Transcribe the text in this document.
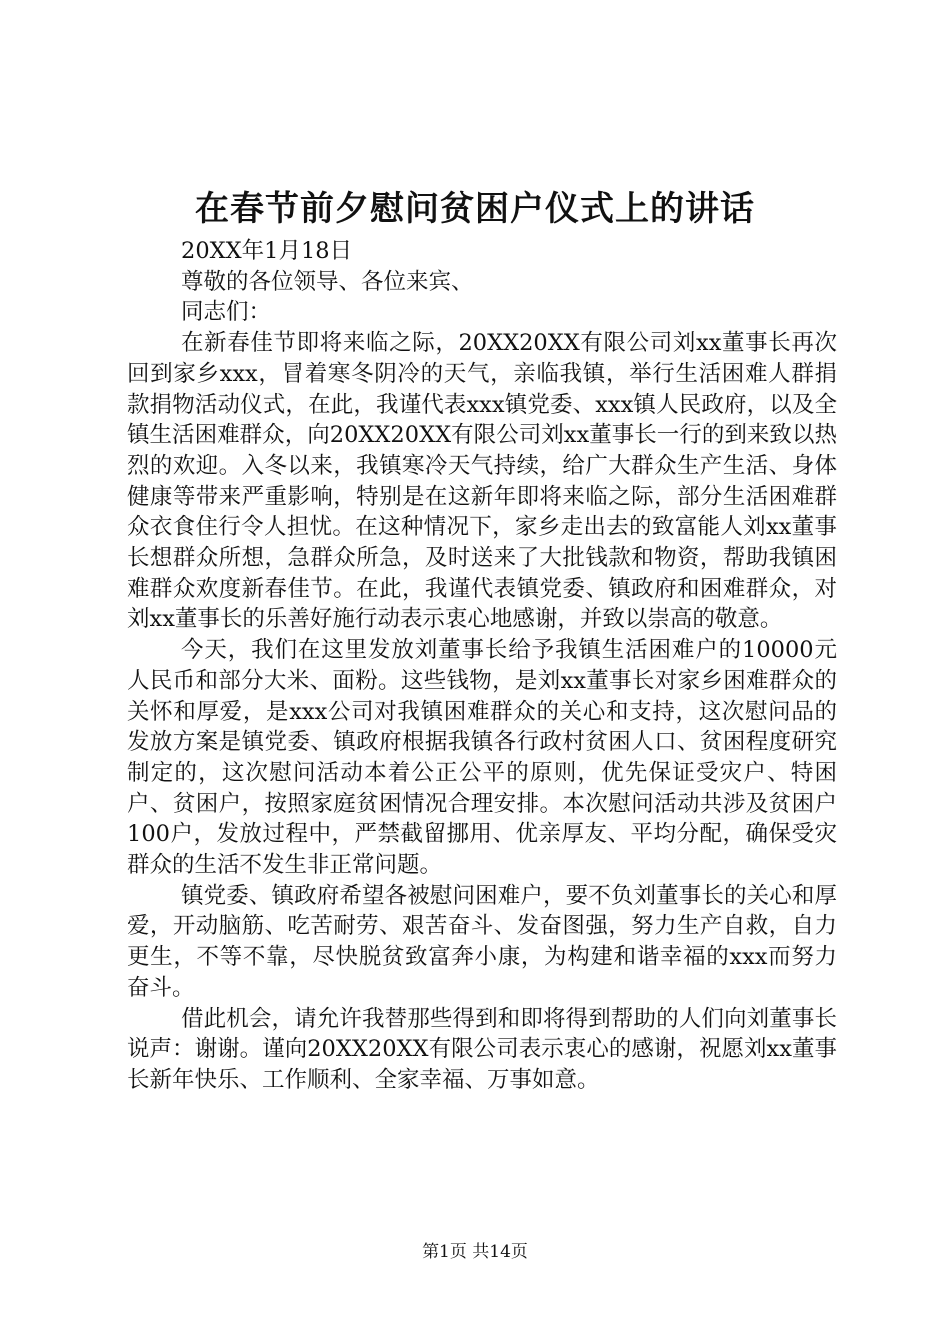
在春节前夕慰问贫困户仪式上的讲话

20XX年1月18日

尊敬的各位领导、各位来宾、

同志们：

在新春佳节即将来临之际，20XX20XX有限公司刘xx董事长再次回到家乡xxx，冒着寒冬阴冷的天气，亲临我镇，举行生活困难人群捐款捐物活动仪式，在此，我谨代表xxx镇党委、xxx镇人民政府，以及全镇生活困难群众，向20XX20XX有限公司刘xx董事长一行的到来致以热烈的欢迎。入冬以来，我镇寒冷天气持续，给广大群众生产生活、身体健康等带来严重影响，特别是在这新年即将来临之际，部分生活困难群众衣食住行令人担忧。在这种情况下，家乡走出去的致富能人刘xx董事长想群众所想，急群众所急，及时送来了大批钱款和物资，帮助我镇困难群众欢度新春佳节。在此，我谨代表镇党委、镇政府和困难群众，对刘xx董事长的乐善好施行动表示衷心地感谢，并致以崇高的敬意。

今天，我们在这里发放刘董事长给予我镇生活困难户的10000元人民币和部分大米、面粉。这些钱物，是刘xx董事长对家乡困难群众的关怀和厚爱，是xxx公司对我镇困难群众的关心和支持，这次慰问品的发放方案是镇党委、镇政府根据我镇各行政村贫困人口、贫困程度研究制定的，这次慰问活动本着公正公平的原则，优先保证受灾户、特困户、贫困户，按照家庭贫困情况合理安排。本次慰问活动共涉及贫困户100户，发放过程中，严禁截留挪用、优亲厚友、平均分配，确保受灾群众的生活不发生非正常问题。

镇党委、镇政府希望各被慰问困难户，要不负刘董事长的关心和厚爱，开动脑筋、吃苦耐劳、艰苦奋斗、发奋图强，努力生产自救，自力更生，不等不靠，尽快脱贫致富奔小康，为构建和谐幸福的xxx而努力奋斗。

借此机会，请允许我替那些得到和即将得到帮助的人们向刘董事长说声：谢谢。谨向20XX20XX有限公司表示衷心的感谢，祝愿刘xx董事长新年快乐、工作顺利、全家幸福、万事如意。

第1页 共14页
